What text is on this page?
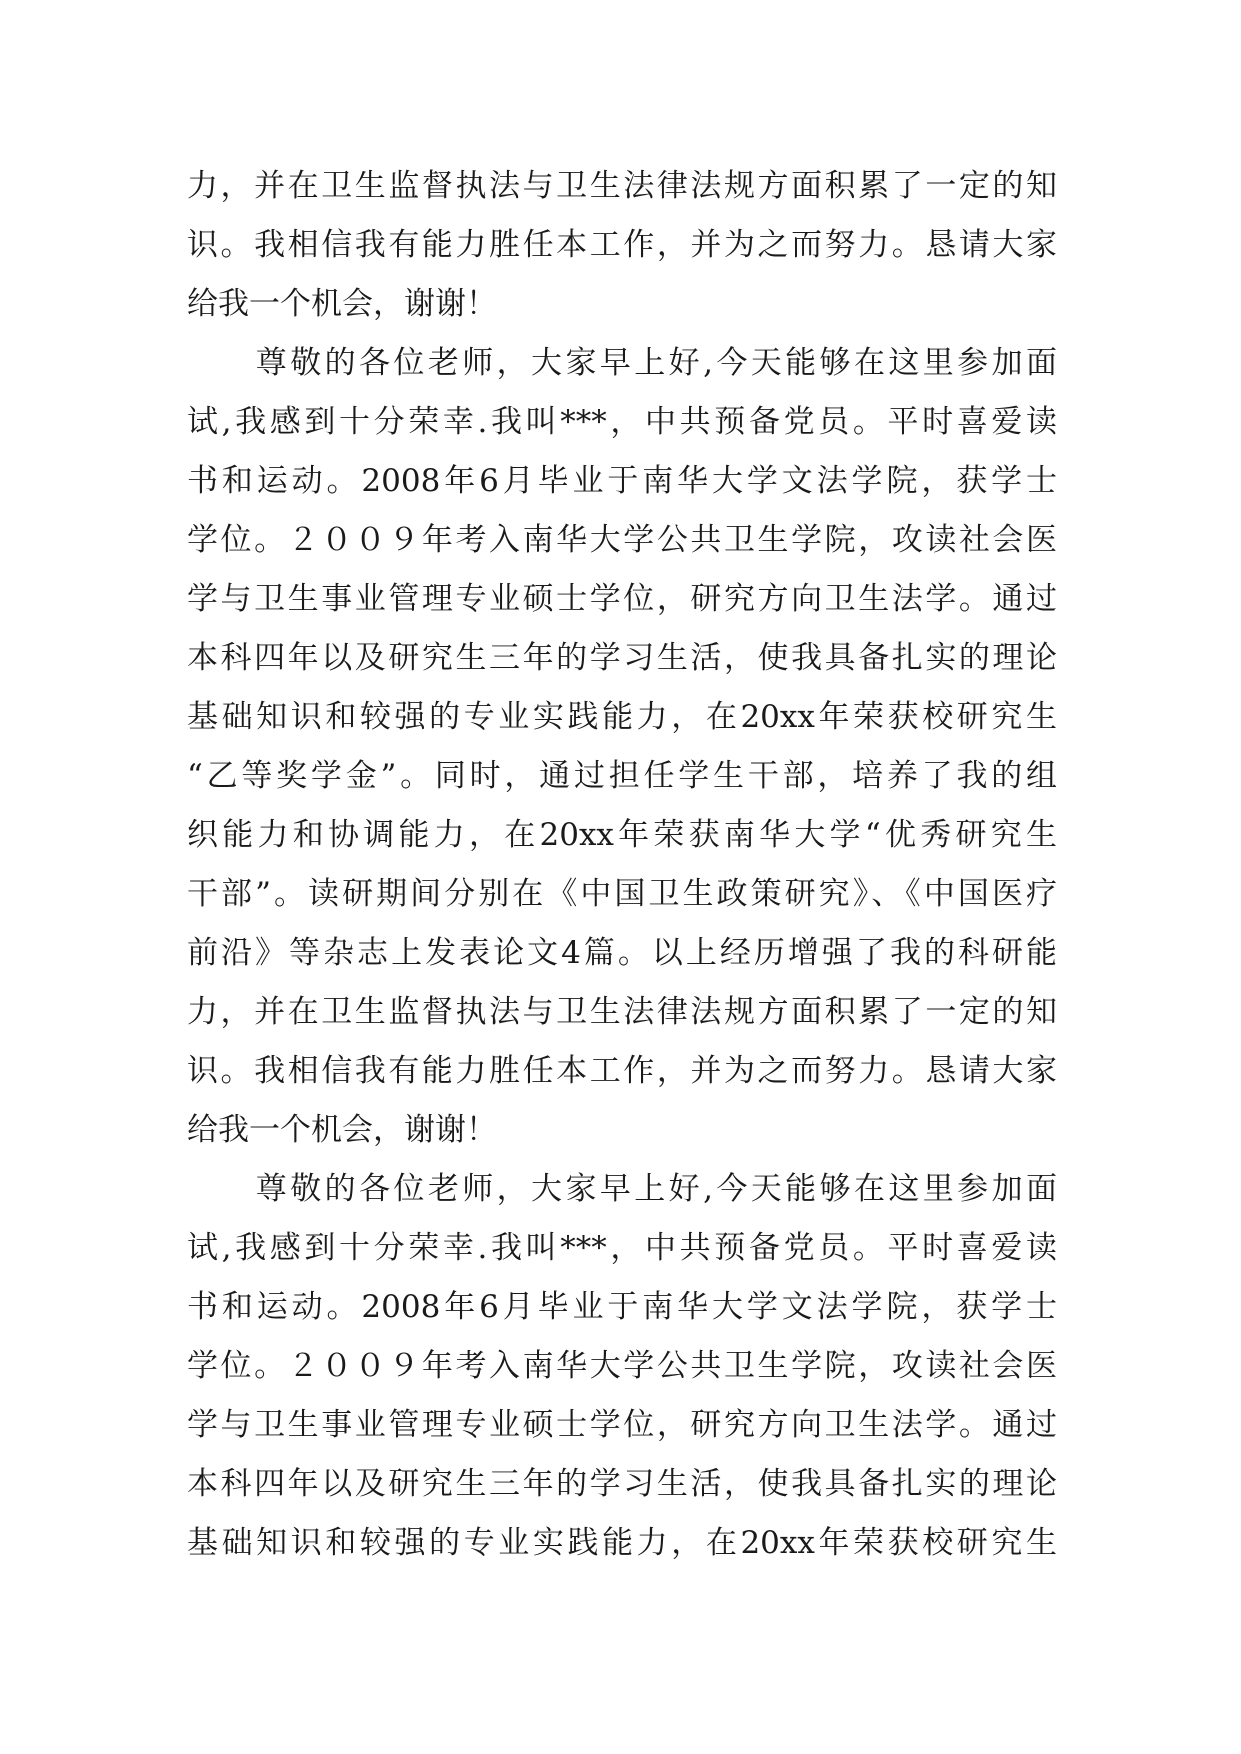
力，并在卫生监督执法与卫生法律法规方面积累了一定的知
识。我相信我有能力胜任本工作，并为之而努力。恳请大家
给我一个机会，谢谢！
　　尊敬的各位老师，大家早上好,今天能够在这里参加面
试,我感到十分荣幸.我叫***，中共预备党员。平时喜爱读
书和运动。2008年6月毕业于南华大学文法学院，获学士
学位。２００９年考入南华大学公共卫生学院，攻读社会医
学与卫生事业管理专业硕士学位，研究方向卫生法学。通过
本科四年以及研究生三年的学习生活，使我具备扎实的理论
基础知识和较强的专业实践能力，在20xx年荣获校研究生
“乙等奖学金”。同时，通过担任学生干部，培养了我的组
织能力和协调能力，在20xx年荣获南华大学“优秀研究生
干部”。读研期间分别在《中国卫生政策研究》、《中国医疗
前沿》等杂志上发表论文4篇。以上经历增强了我的科研能
力，并在卫生监督执法与卫生法律法规方面积累了一定的知
识。我相信我有能力胜任本工作，并为之而努力。恳请大家
给我一个机会，谢谢！
　　尊敬的各位老师，大家早上好,今天能够在这里参加面
试,我感到十分荣幸.我叫***，中共预备党员。平时喜爱读
书和运动。2008年6月毕业于南华大学文法学院，获学士
学位。２００９年考入南华大学公共卫生学院，攻读社会医
学与卫生事业管理专业硕士学位，研究方向卫生法学。通过
本科四年以及研究生三年的学习生活，使我具备扎实的理论
基础知识和较强的专业实践能力，在20xx年荣获校研究生
